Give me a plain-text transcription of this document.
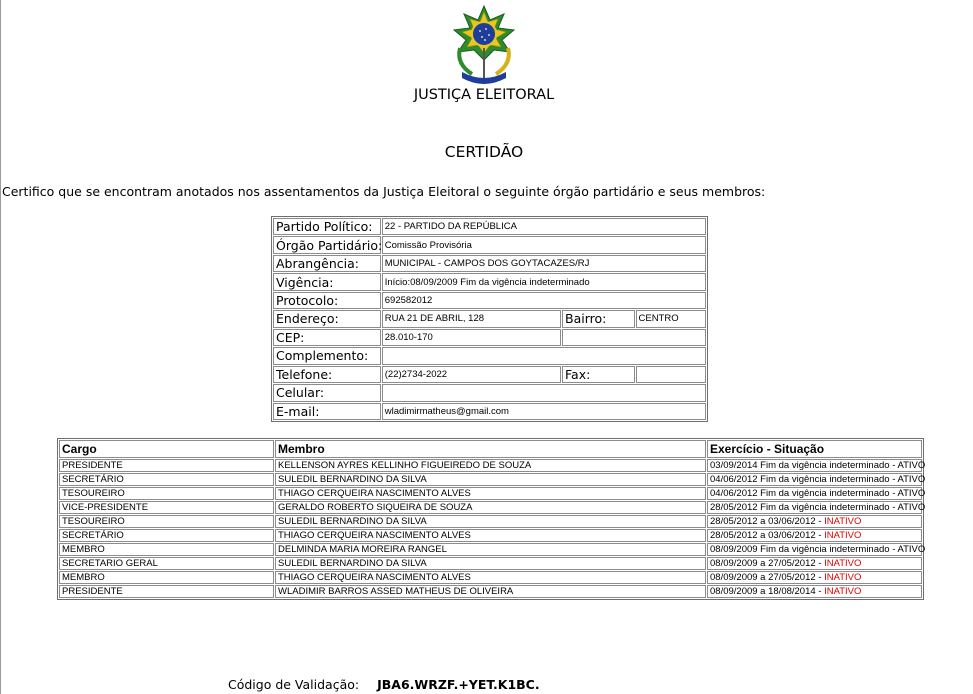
JUSTIÇA ELEITORAL
CERTIDÃO
Certifico que se encontram anotados nos assentamentos da Justiça Eleitoral o seguinte órgão partidário e seus membros:
Partido Político:	22 - PARTIDO DA REPÚBLICA		
Órgão Partidário:	Comissão Provisória		
Abrangência:	MUNICIPAL - CAMPOS DOS GOYTACAZES/RJ		
Vigência:	Início:08/09/2009 Fim da vigência indeterminado		
Protocolo:	692582012		
Endereço:	RUA 21 DE ABRIL, 128	Bairro:	CENTRO
CEP:	28.010-170		
Complemento:			
Telefone:	(22)2734-2022	Fax:	
Celular:			
E-mail:	wladimirmatheus@gmail.com		
Cargo	Membro	Exercício - Situação
PRESIDENTE	KELLENSON AYRES KELLINHO FIGUEIREDO DE SOUZA	03/09/2014 Fim da vigência indeterminado - ATIVO
SECRETÁRIO	SULEDIL BERNARDINO DA SILVA	04/06/2012 Fim da vigência indeterminado - ATIVO
TESOUREIRO	THIAGO CERQUEIRA NASCIMENTO ALVES	04/06/2012 Fim da vigência indeterminado - ATIVO
VICE-PRESIDENTE	GERALDO ROBERTO SIQUEIRA DE SOUZA	28/05/2012 Fim da vigência indeterminado - ATIVO
TESOUREIRO	SULEDIL BERNARDINO DA SILVA	28/05/2012 a 03/06/2012 - INATIVO
SECRETÁRIO	THIAGO CERQUEIRA NASCIMENTO ALVES	28/05/2012 a 03/06/2012 - INATIVO
MEMBRO	DELMINDA MARIA MOREIRA RANGEL	08/09/2009 Fim da vigência indeterminado - ATIVO
SECRETARIO GERAL	SULEDIL BERNARDINO DA SILVA	08/09/2009 a 27/05/2012 - INATIVO
MEMBRO	THIAGO CERQUEIRA NASCIMENTO ALVES	08/09/2009 a 27/05/2012 - INATIVO
PRESIDENTE	WLADIMIR BARROS ASSED MATHEUS DE OLIVEIRA	08/09/2009 a 18/08/2014 - INATIVO
Código de Validação: JBA6.WRZF.+YET.K1BC.
